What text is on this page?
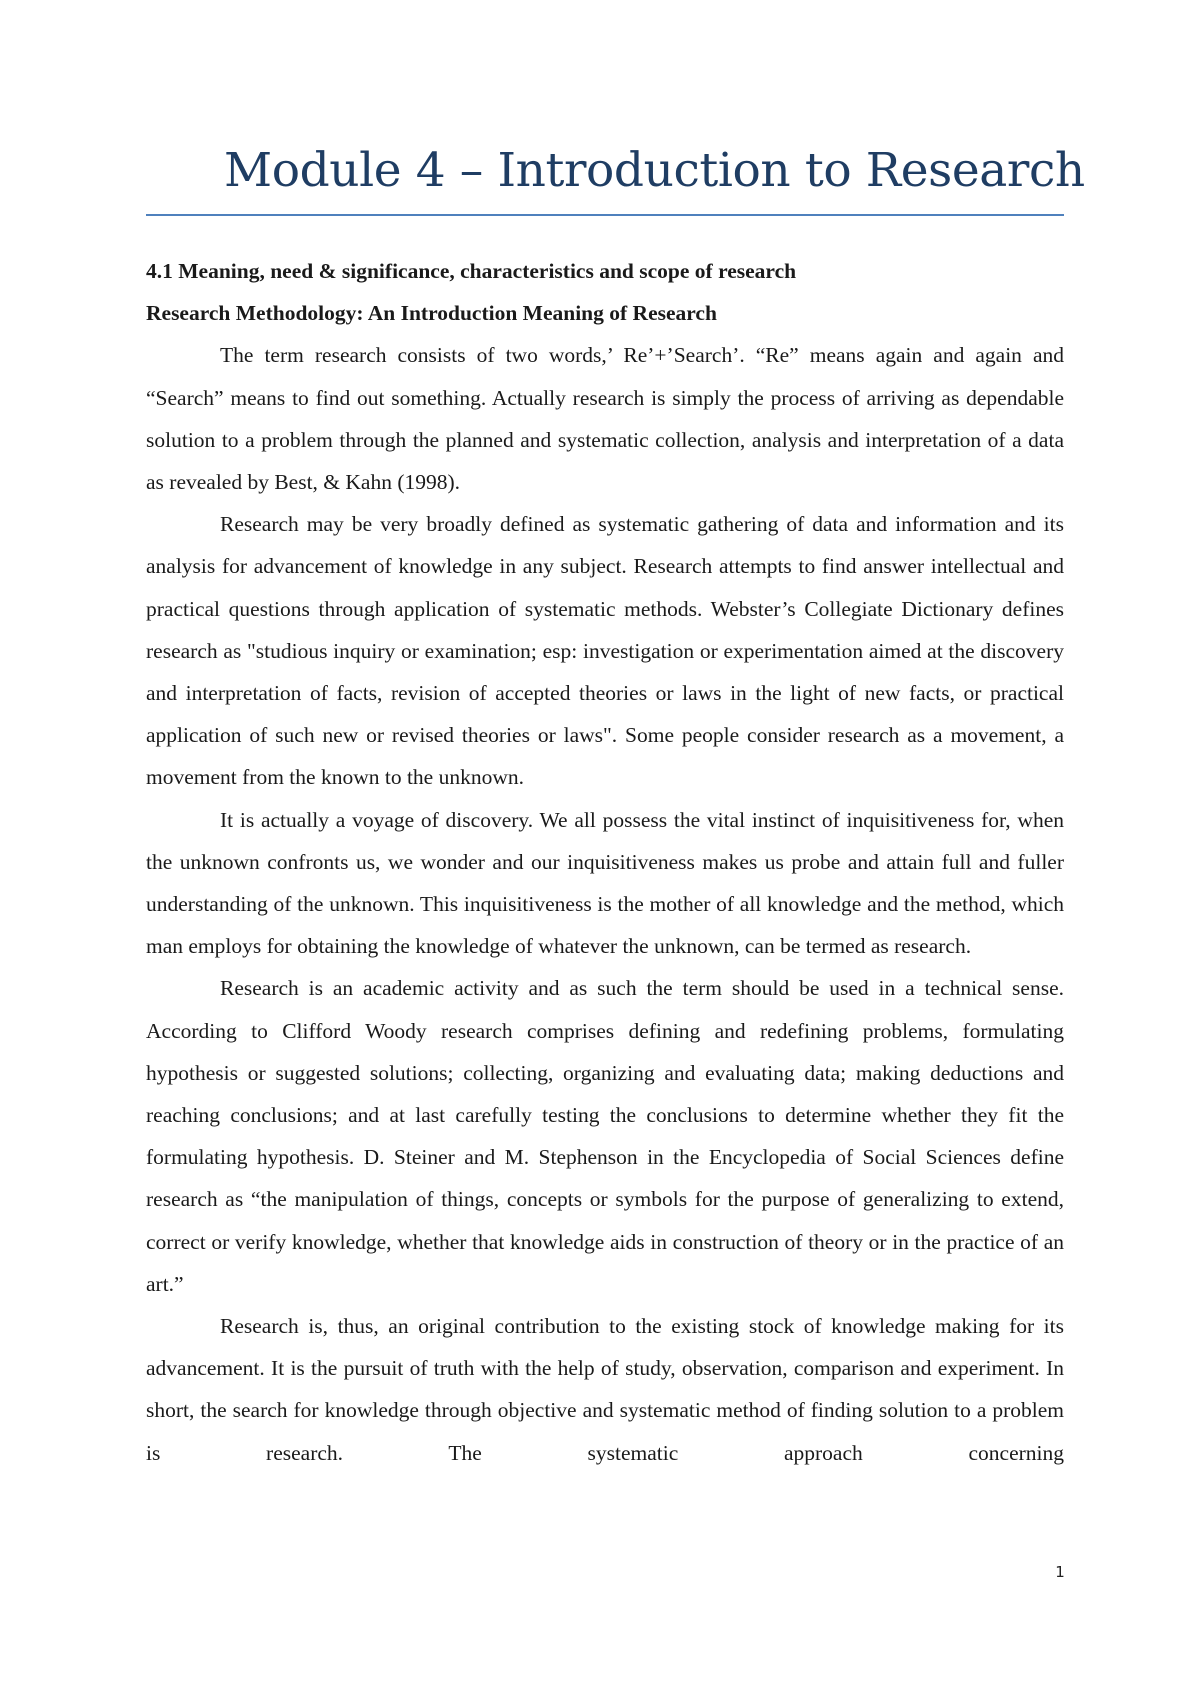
Module 4 – Introduction to Research

4.1 Meaning, need & significance, characteristics and scope of research

Research Methodology: An Introduction Meaning of Research

The term research consists of two words,’ Re’+’Search’. “Re” means again and again and “Search” means to find out something. Actually research is simply the process of arriving as dependable solution to a problem through the planned and systematic collection, analysis and interpretation of a data as revealed by Best, & Kahn (1998).

Research may be very broadly defined as systematic gathering of data and information and its analysis for advancement of knowledge in any subject. Research attempts to find answer intellectual and practical questions through application of systematic methods. Webster’s Collegiate Dictionary defines research as "studious inquiry or examination; esp: investigation or experimentation aimed at the discovery and interpretation of facts, revision of accepted theories or laws in the light of new facts, or practical application of such new or revised theories or laws". Some people consider research as a movement, a movement from the known to the unknown.

It is actually a voyage of discovery. We all possess the vital instinct of inquisitiveness for, when the unknown confronts us, we wonder and our inquisitiveness makes us probe and attain full and fuller understanding of the unknown. This inquisitiveness is the mother of all knowledge and the method, which man employs for obtaining the knowledge of whatever the unknown, can be termed as research.

Research is an academic activity and as such the term should be used in a technical sense. According to Clifford Woody research comprises defining and redefining problems, formulating hypothesis or suggested solutions; collecting, organizing and evaluating data; making deductions and reaching conclusions; and at last carefully testing the conclusions to determine whether they fit the formulating hypothesis. D. Steiner and M. Stephenson in the Encyclopedia of Social Sciences define research as “the manipulation of things, concepts or symbols for the purpose of generalizing to extend, correct or verify knowledge, whether that knowledge aids in construction of theory or in the practice of an art.”

Research is, thus, an original contribution to the existing stock of knowledge making for its advancement. It is the pursuit of truth with the help of study, observation, comparison and experiment. In short, the search for knowledge through objective and systematic method of finding solution to a problem is research. The systematic approach concerning

1
